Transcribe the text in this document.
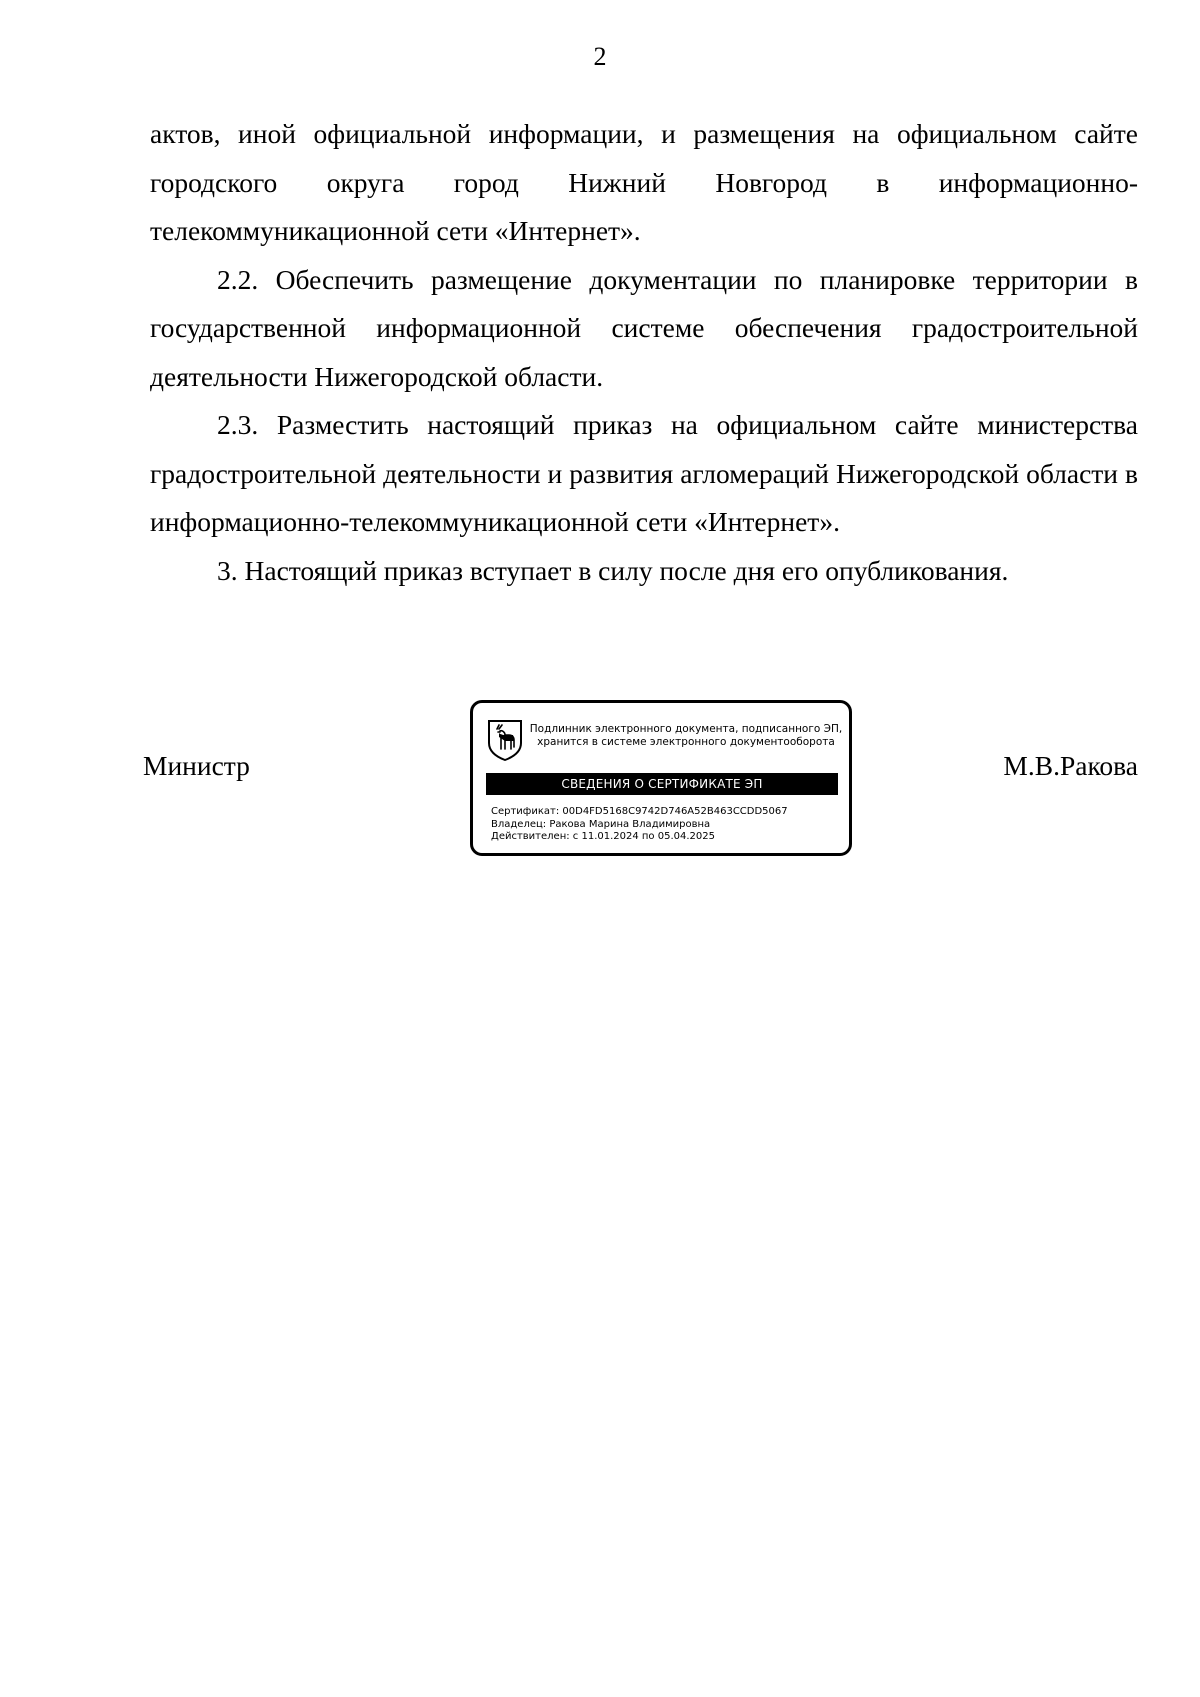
2

актов, иной официальной информации, и размещения на официальном сайте городского округа город Нижний Новгород в информационно-телекоммуникационной сети «Интернет».

2.2. Обеспечить размещение документации по планировке территории в государственной информационной системе обеспечения градостроительной деятельности Нижегородской области.

2.3. Разместить настоящий приказ на официальном сайте министерства градостроительной деятельности и развития агломераций Нижегородской области в информационно-телекоммуникационной сети «Интернет».

3. Настоящий приказ вступает в силу после дня его опубликования.

Министр
Подлинник электронного документа, подписанного ЭП,
хранится в системе электронного документооборота
СВЕДЕНИЯ О СЕРТИФИКАТЕ ЭП
Сертификат: 00D4FD5168C9742D746A52B463CCDD5067
Владелец: Ракова Марина Владимировна
Действителен: с 11.01.2024 по 05.04.2025
М.В.Ракова
